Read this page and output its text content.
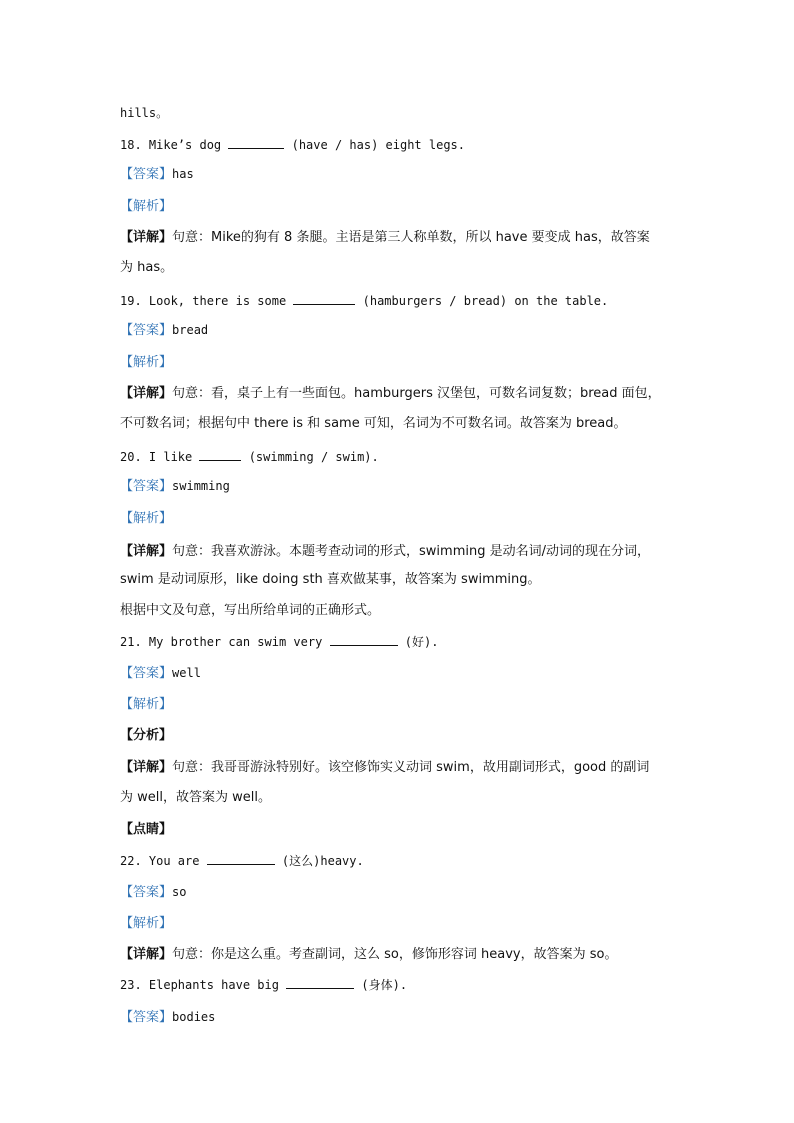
hills。
18. Mike’s dog	(have / has) eight legs.
【答案】has
【解析】
【详解】句意：Mike的狗有 8 条腿。主语是第三人称单数，所以 have 要变成 has，故答案
为 has。
19. Look, there is some	(hamburgers / bread) on the table.
【答案】bread
【解析】
【详解】句意：看，桌子上有一些面包。hamburgers 汉堡包，可数名词复数；bread 面包，
不可数名词；根据句中 there is 和 same 可知，名词为不可数名词。故答案为 bread。
20. I like	(swimming / swim).
【答案】swimming
【解析】
【详解】句意：我喜欢游泳。本题考查动词的形式，swimming 是动名词/动词的现在分词，
swim 是动词原形，like doing sth 喜欢做某事，故答案为 swimming。
根据中文及句意，写出所给单词的正确形式。
21. My brother can swim very	(好).
【答案】well
【解析】
【分析】
【详解】句意：我哥哥游泳特别好。该空修饰实义动词 swim，故用副词形式，good 的副词
为 well，故答案为 well。
【点睛】
22. You are	(这么)heavy.
【答案】so
【解析】
【详解】句意：你是这么重。考查副词，这么 so，修饰形容词 heavy，故答案为 so。
23. Elephants have big	(身体).
【答案】bodies
